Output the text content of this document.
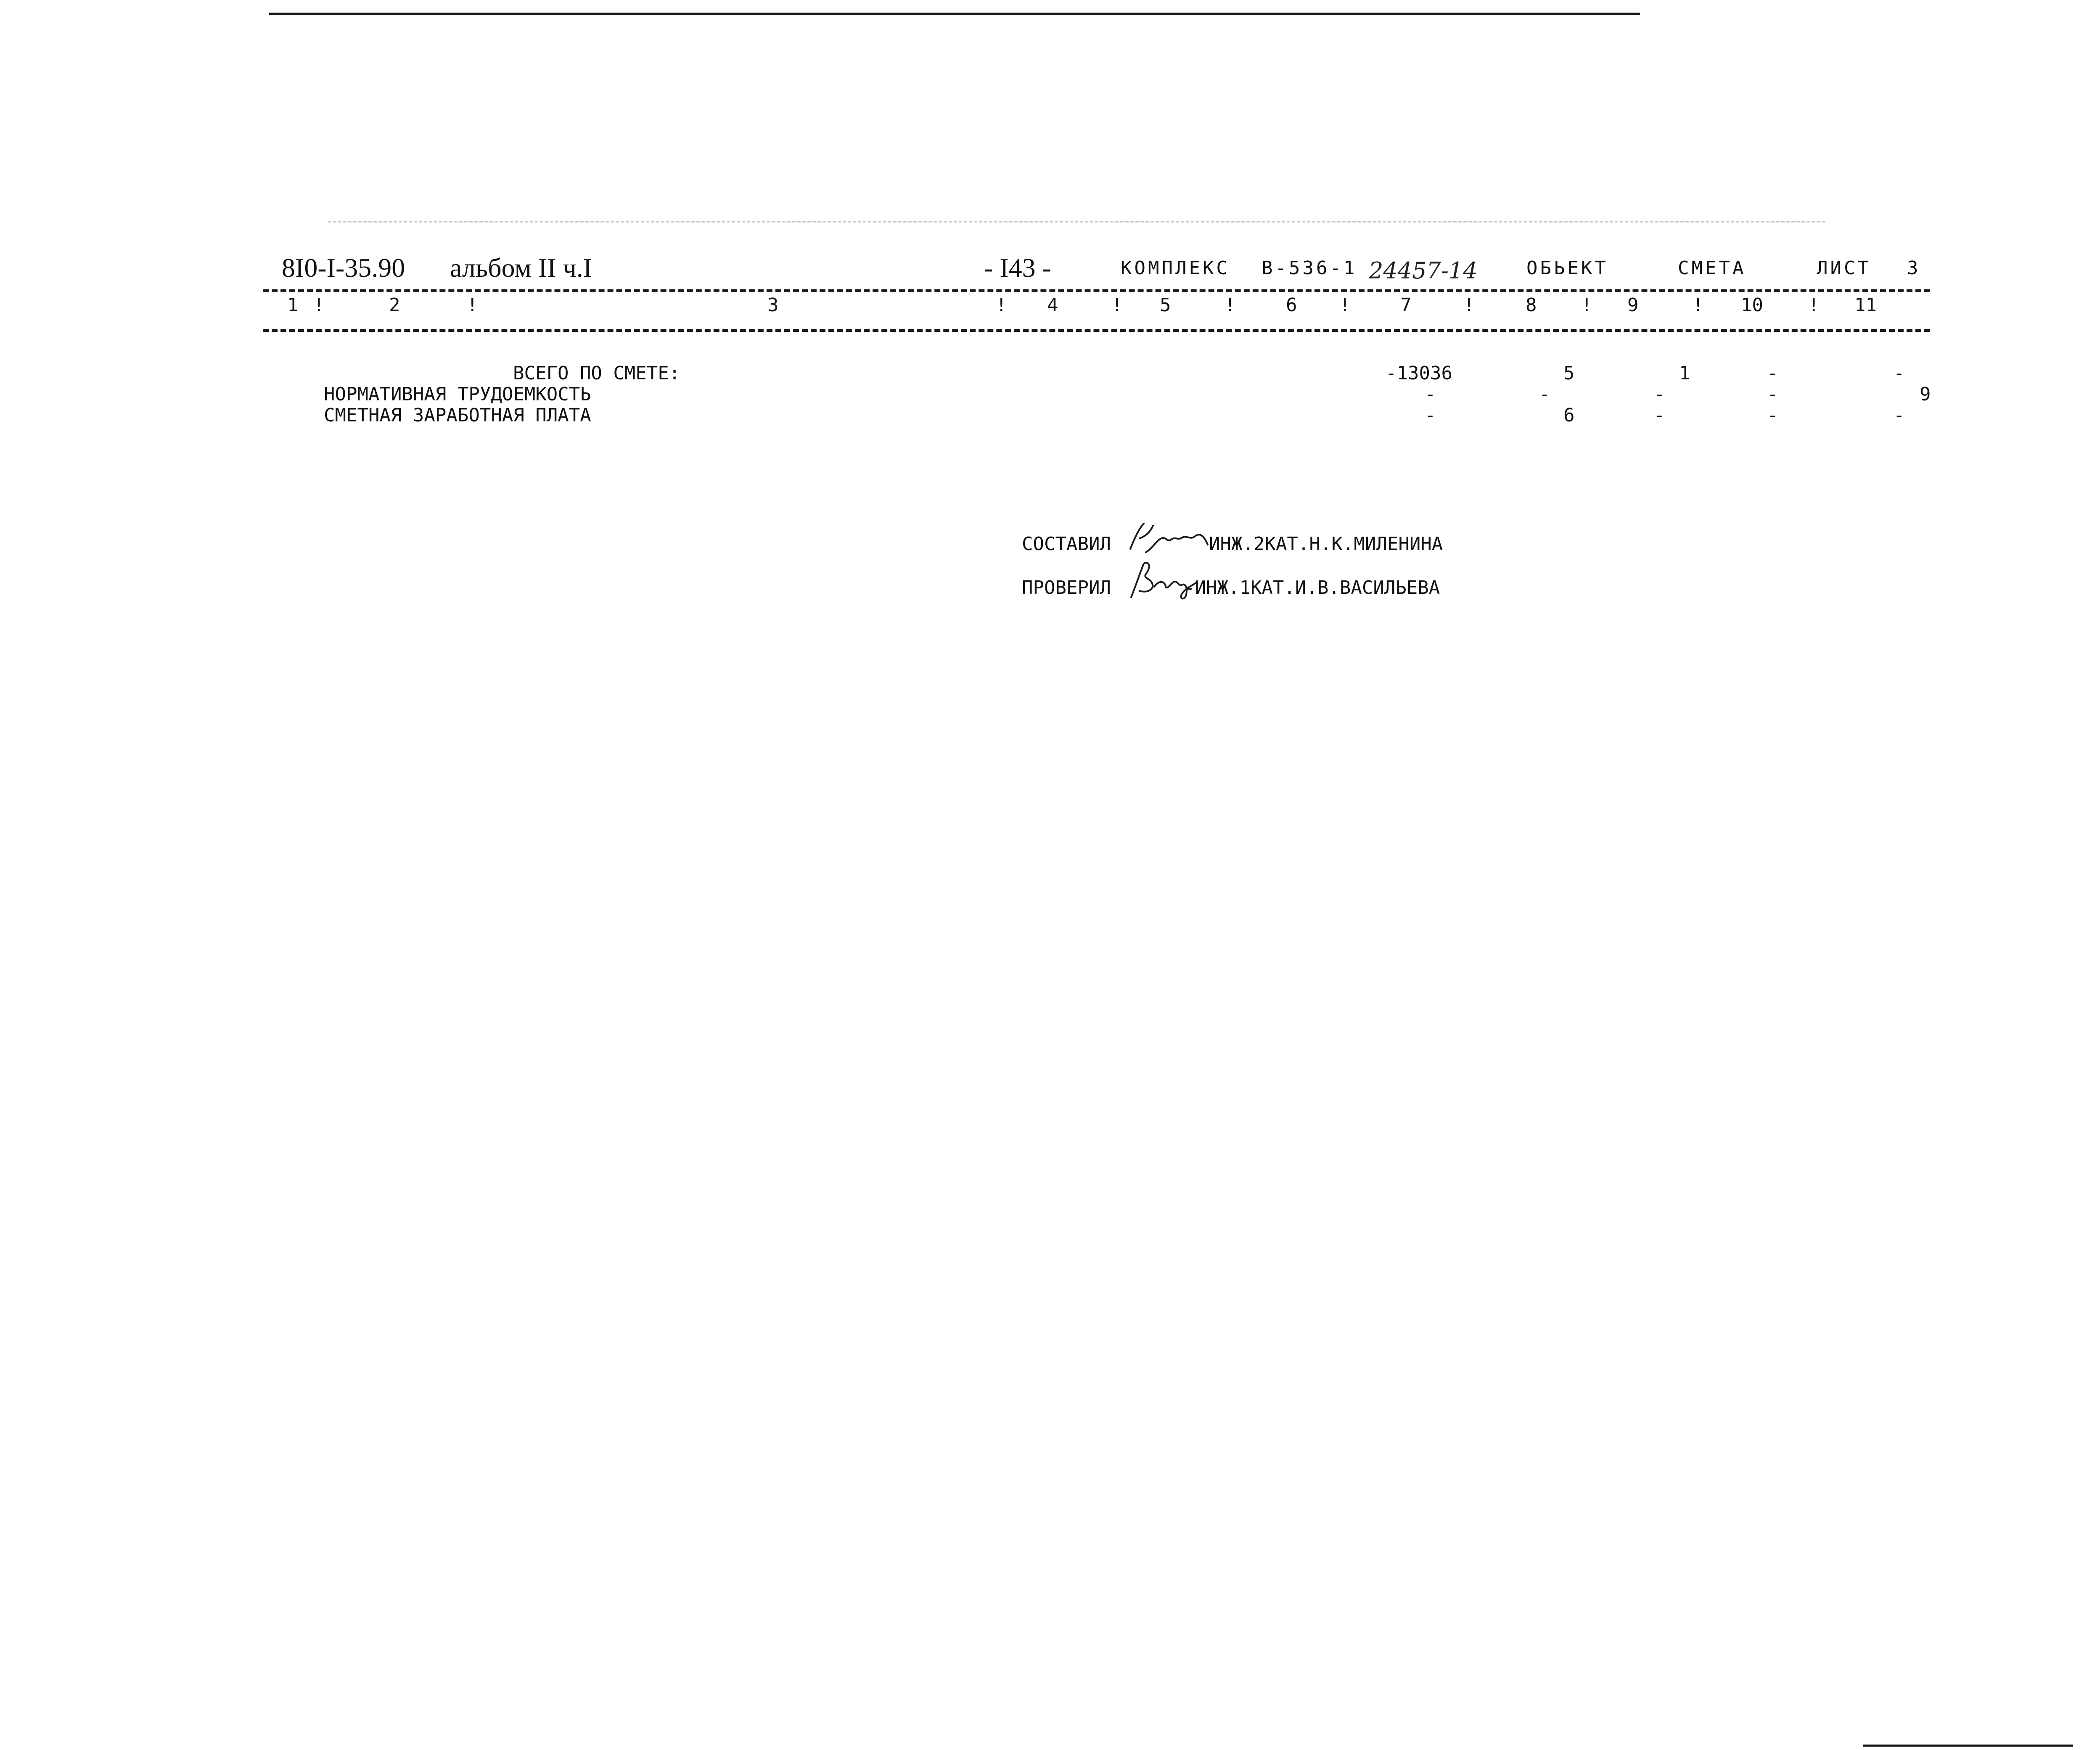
8I0-I-35.90 альбом II ч.I	- I43 -	КОМПЛЕКС В-536-1 24457-14	ОБЬЕКТ	СМЕТА	ЛИСТ 3
1	2	3	4	5	6	7	8	9	10	11
!	!	!	!	!	!	!	!	!	!
ВСЕГО ПО СМЕТЕ:	-13036	5	1	-	-
НОРМАТИВНАЯ ТРУДОЕМКОСТЬ	-	-	-	-	9
СМЕТНАЯ ЗАРАБОТНАЯ ПЛАТА	-	6	-	-	-
СОСТАВИЛ	ИНЖ.2КАТ.Н.К.МИЛЕНИНА
ПРОВЕРИЛ	-ИНЖ.1КАТ.И.В.ВАСИЛЬЕВА
